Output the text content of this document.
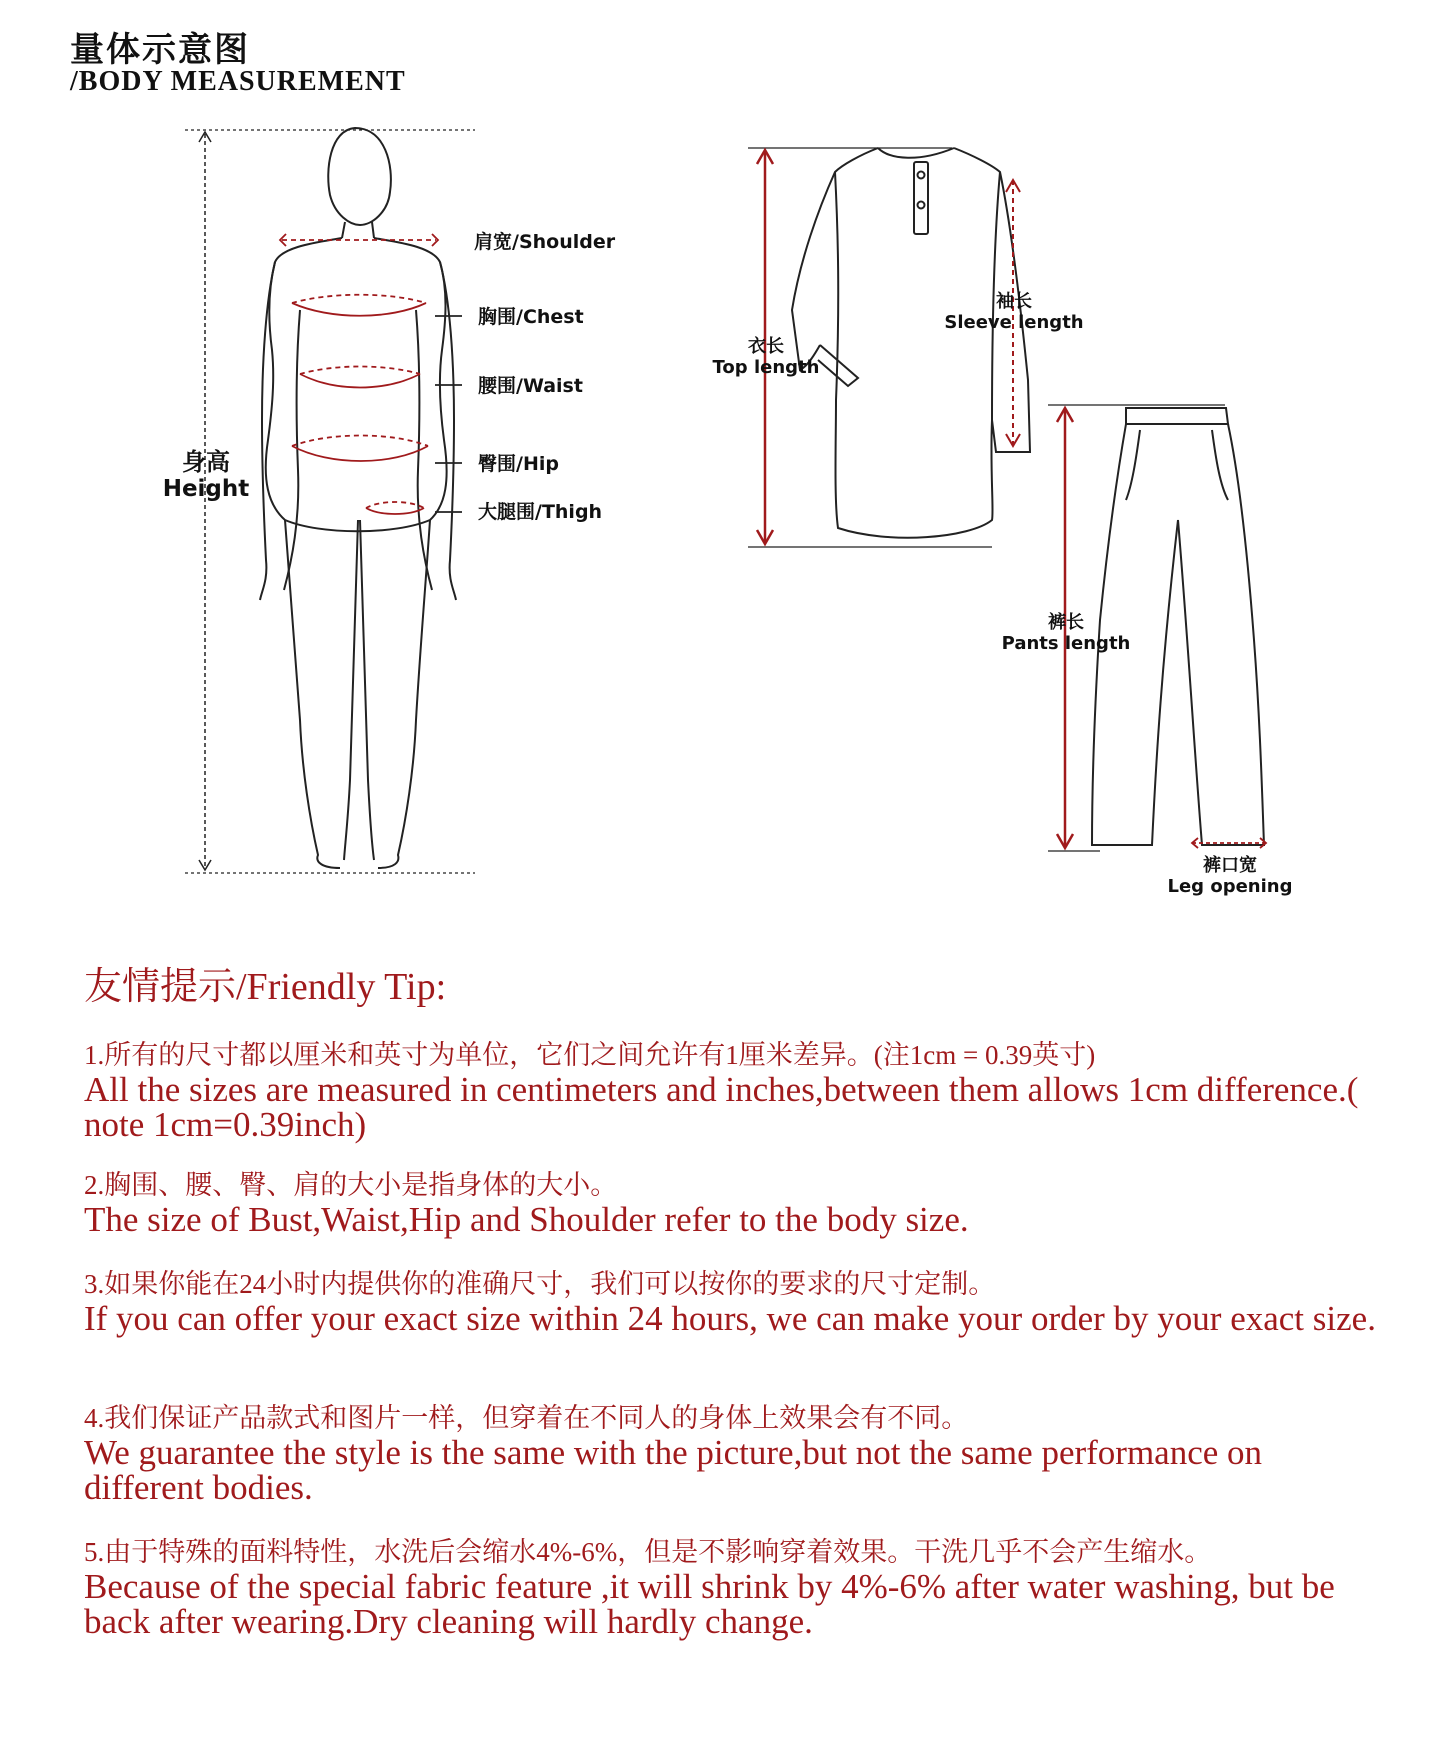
量体示意图
/BODY MEASUREMENT
身高
Height
肩宽/Shoulder
胸围/Chest
腰围/Waist
臀围/Hip
大腿围/Thigh
衣长
Top length
袖长
Sleeve length
裤长
Pants length
裤口宽
Leg opening
友情提示/Friendly Tip:
1.所有的尺寸都以厘米和英寸为单位，它们之间允许有1厘米差异。(注1cm = 0.39英寸)
All the sizes are measured in centimeters and inches,between them allows 1cm difference.( note 1cm=0.39inch)
2.胸围、腰、臀、肩的大小是指身体的大小。
The size of Bust,Waist,Hip and Shoulder refer to the body size.
3.如果你能在24小时内提供你的准确尺寸，我们可以按你的要求的尺寸定制。
If you can offer your exact size within 24 hours, we can make your order by your exact size.
4.我们保证产品款式和图片一样，但穿着在不同人的身体上效果会有不同。
We guarantee the style is the same with the picture,but not the same performance on different bodies.
5.由于特殊的面料特性，水洗后会缩水4%-6%，但是不影响穿着效果。干洗几乎不会产生缩水。
Because of the special fabric feature ,it will shrink by 4%-6% after water washing, but be back after wearing.Dry cleaning will hardly change.
